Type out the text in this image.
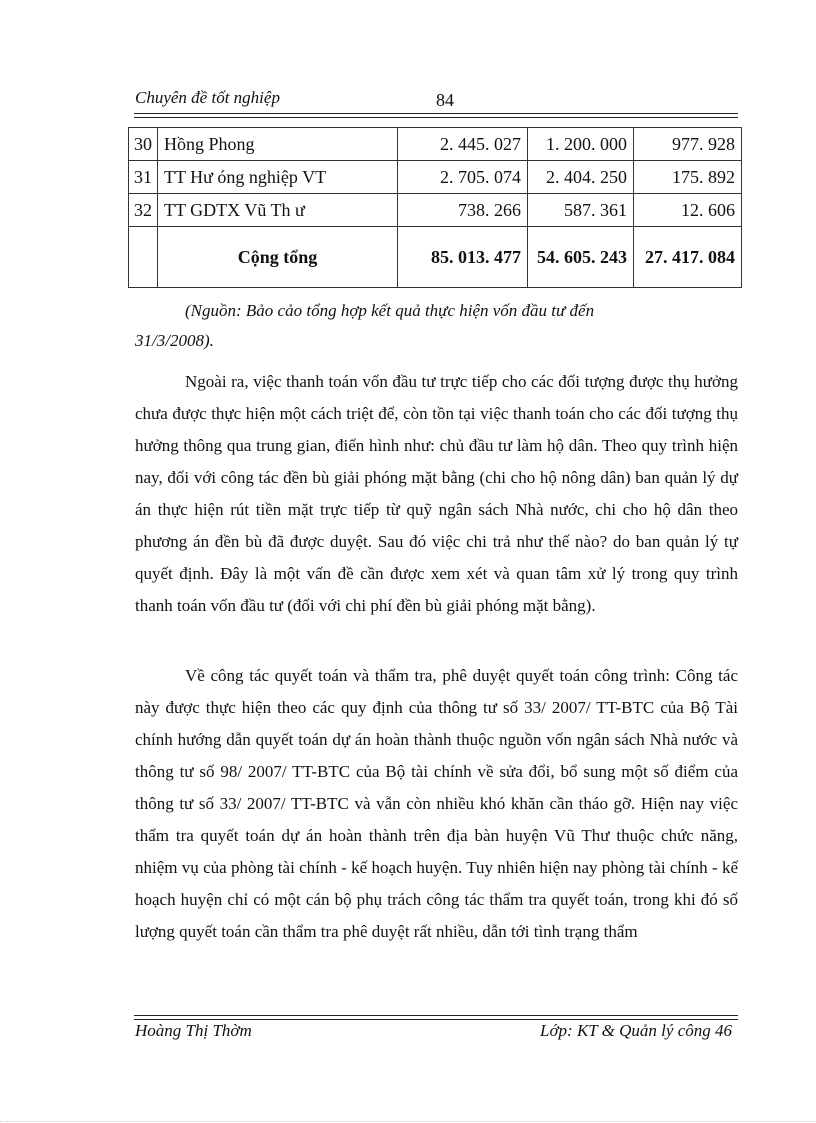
Chuyên đề tốt nghiệp	84
30	Hồng Phong	2. 445. 027	1. 200. 000	977. 928
31	TT Hư óng nghiệp VT	2. 705. 074	2. 404. 250	175. 892
32	TT GDTX Vũ Th ư	738. 266	587. 361	12. 606
	Cộng tổng	85. 013. 477	54. 605. 243	27. 417. 084
(Nguồn: Bảo cảo tổng hợp kết quả thực hiện vốn đầu tư đến
31/3/2008).

Ngoài ra, việc thanh toán vốn đầu tư trực tiếp cho các đối tượng được thụ hưởng chưa được thực hiện một cách triệt để, còn tồn tại việc thanh toán cho các đối tượng thụ hưởng thông qua trung gian, điển hình như: chủ đầu tư làm hộ dân. Theo quy trình hiện nay, đối với công tác đền bù giải phóng mặt bằng (chi cho hộ nông dân) ban quản lý dự án thực hiện rút tiền mặt trực tiếp từ quỹ ngân sách Nhà nước, chi cho hộ dân theo phương án đền bù đã được duyệt. Sau đó việc chi trả như thế nào? do ban quản lý tự quyết định. Đây là một vấn đề cần được xem xét và quan tâm xử lý trong quy trình thanh toán vốn đầu tư (đối với chi phí đền bù giải phóng mặt bằng).

Về công tác quyết toán và thẩm tra, phê duyệt quyết toán công trình: Công tác này được thực hiện theo các quy định của thông tư số 33/ 2007/ TT-BTC của Bộ Tài chính hướng dẫn quyết toán dự án hoàn thành thuộc nguồn vốn ngân sách Nhà nước và thông tư số 98/ 2007/ TT-BTC của Bộ tài chính về sửa đổi, bổ sung một số điểm của thông tư số 33/ 2007/ TT-BTC và vẫn còn nhiều khó khăn cần tháo gỡ. Hiện nay việc thẩm tra quyết toán dự án hoàn thành trên địa bàn huyện Vũ Thư thuộc chức năng, nhiệm vụ của phòng tài chính - kế hoạch huyện. Tuy nhiên hiện nay phòng tài chính - kế hoạch huyện chỉ có một cán bộ phụ trách công tác thẩm tra quyết toán, trong khi đó số lượng quyết toán cần thẩm tra phê duyệt rất nhiều, dẫn tới tình trạng thẩm

Hoàng Thị Thờm	Lớp: KT & Quản lý công 46
